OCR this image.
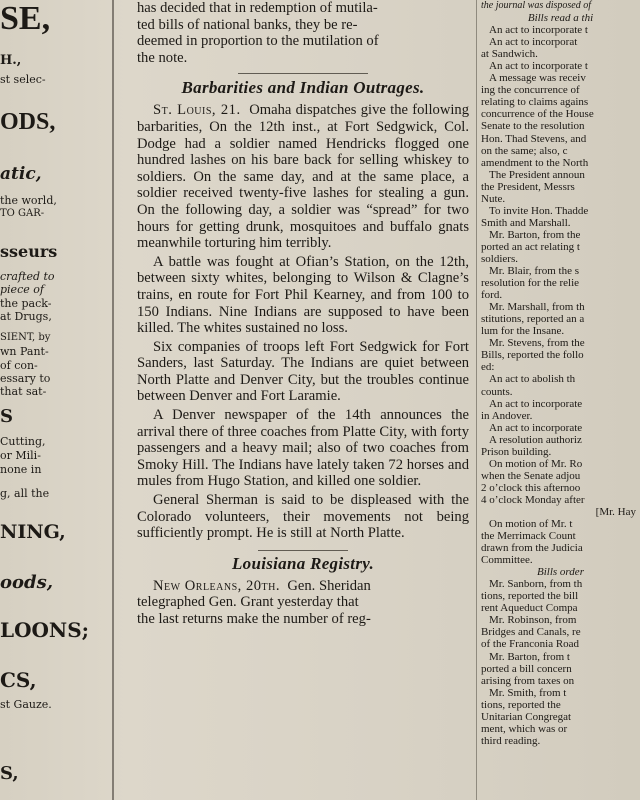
SE,
H.,
st selec-
ODS,
atic,
the world,
TO GAR-
sseurs
crafted to
piece of
the pack-
at Drugs,
SIENT, by
wn Pant-
of con-
essary to
that sat-
S
Cutting,
or Mili-
none in
g, all the
NING,
oods,
LOONS;
CS,
st Gauze.
S,

has decided that in redemption of mutila-

ted bills of national banks, they be re-

deemed in proportion to the mutilation of

the note.

Barbarities and Indian Outrages.

St. Louis, 21. Omaha dispatches give the following barbarities, On the 12th inst., at Fort Sedgwick, Col. Dodge had a soldier named Hendricks flogged one hundred lashes on his bare back for selling whiskey to soldiers. On the same day, and at the same place, a soldier received twenty-five lashes for stealing a gun. On the following day, a soldier was “spread” for two hours for getting drunk, mosquitoes and buffalo gnats meanwhile torturing him terribly.

A battle was fought at Ofian’s Station, on the 12th, between sixty whites, belonging to Wilson & Clagne’s trains, en route for Fort Phil Kearney, and from 100 to 150 Indians. Nine Indians are supposed to have been killed. The whites sustained no loss.

Six companies of troops left Fort Sedgwick for Fort Sanders, last Saturday. The Indians are quiet between North Platte and Denver City, but the troubles continue between Denver and Fort Laramie.

A Denver newspaper of the 14th announces the arrival there of three coaches from Platte City, with forty passengers and a heavy mail; also of two coaches from Smoky Hill. The Indians have lately taken 72 horses and mules from Hugo Station, and killed one soldier.

General Sherman is said to be displeased with the Colorado volunteers, their movements not being sufficiently prompt. He is still at North Platte.

Louisiana Registry.

New Orleans, 20th. Gen. Sheridan

telegraphed Gen. Grant yesterday that

the last returns make the number of reg-

the journal was disposed of
Bills read a thi
An act to incorporate t
An act to incorporat
at Sandwich.
An act to incorporate t
A message was receiv
ing the concurrence of
relating to claims agains
concurrence of the House
Senate to the resolution
Hon. Thad Stevens, and
on the same; also, c
amendment to the North
The President announ
the President, Messrs
Nute.
To invite Hon. Thadde
Smith and Marshall.
Mr. Barton, from the
ported an act relating t
soldiers.
Mr. Blair, from the s
resolution for the relie
ford.
Mr. Marshall, from th
stitutions, reported an a
lum for the Insane.
Mr. Stevens, from the
Bills, reported the follo
ed:
An act to abolish th
counts.
An act to incorporate
in Andover.
An act to incorporate
A resolution authoriz
Prison building.
On motion of Mr. Ro
when the Senate adjou
2 o’clock this afternoo
4 o’clock Monday after
[Mr. Hay
On motion of Mr. t
the Merrimack Count
drawn from the Judicia
Committee.
Bills order
Mr. Sanborn, from th
tions, reported the bill
rent Aqueduct Compa
Mr. Robinson, from
Bridges and Canals, re
of the Franconia Road
Mr. Barton, from t
ported a bill concern
arising from taxes on
Mr. Smith, from t
tions, reported the
Unitarian Congregat
ment, which was or
third reading.
